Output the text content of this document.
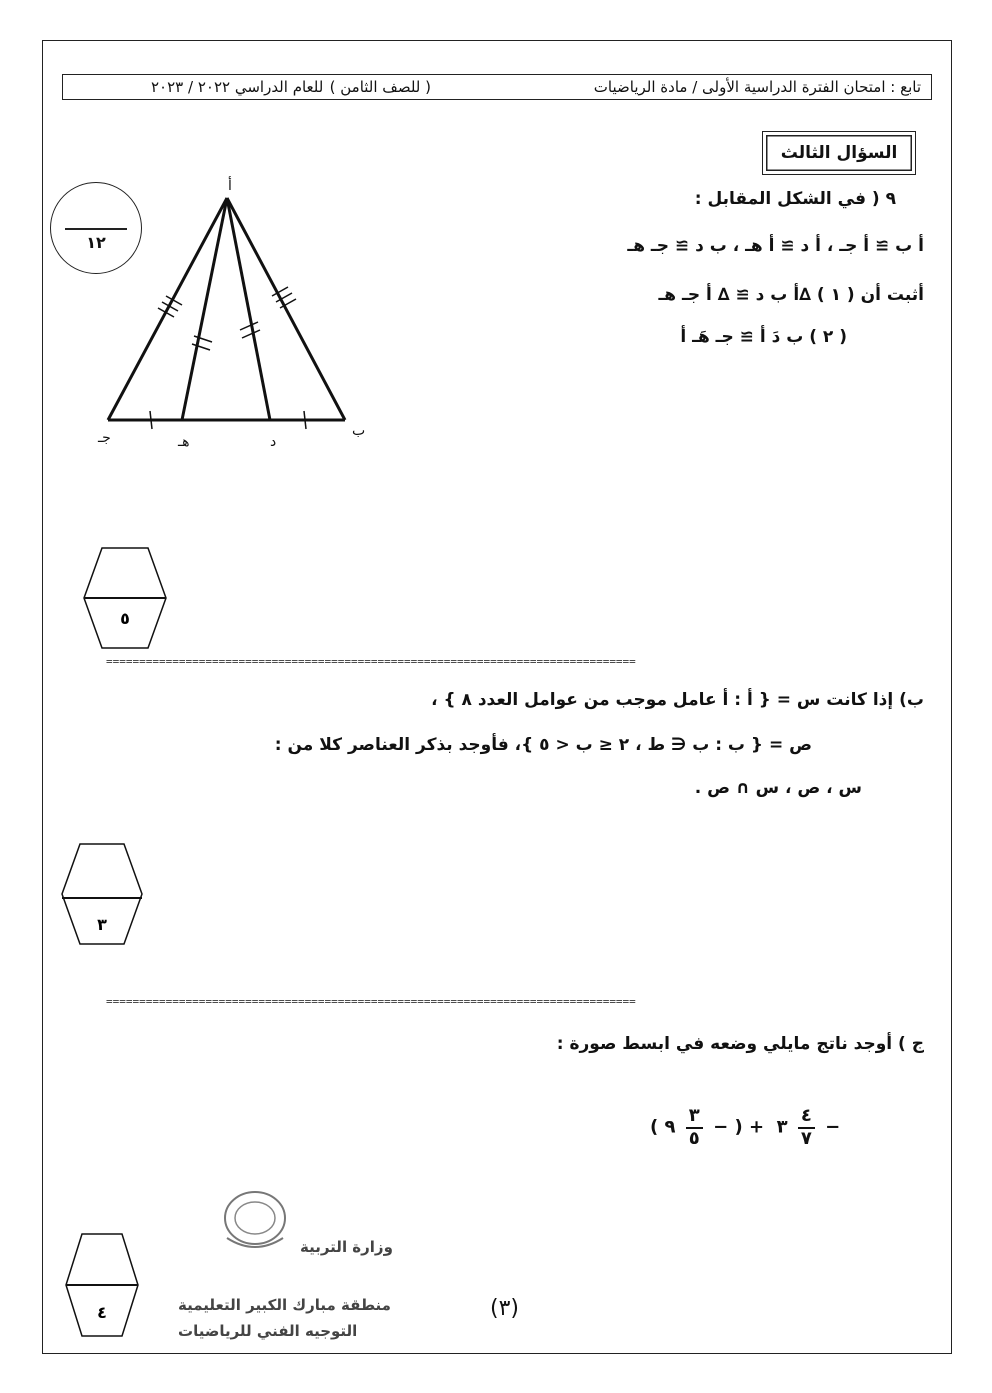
تابع : امتحان الفترة الدراسية الأولى / مادة الرياضيات
( للصف الثامن )
للعام الدراسي ٢٠٢٢ / ٢٠٢٣
السؤال الثالث
١٢
٩ ( في الشكل المقابل :
أ ب ≅ أ جـ ، أ د ≅ أ هـ ، ب د ≅ جـ هـ
أثبت أن ( ١ ) ∆أ ب د ≅ ∆ أ جـ هـ
( ٢ ) ب دَ أ ≅ جـ هَـ أ
أ
ب
د
هـ
جـ
٥
================================================================================
ب) إذا كانت س = { أ : أ عامل موجب من عوامل العدد ٨ } ،
ص = { ب : ب ∈ ط ، ٢ ≤ ب < ٥ }، فأوجد بذكر العناصر كلا من :
س ، ص ، س ∩ ص .
٣
================================================================================
ج ) أوجد ناتج مايلي وضعه في ابسط صورة :
( ٩ $\frac{٣}{٥}$ − ) + ٣ $\frac{٤}{٧}$ −
٤
وزارة التربية
منطقة مبارك الكبير التعليمية
التوجيه الفني للرياضيات
(٣)
